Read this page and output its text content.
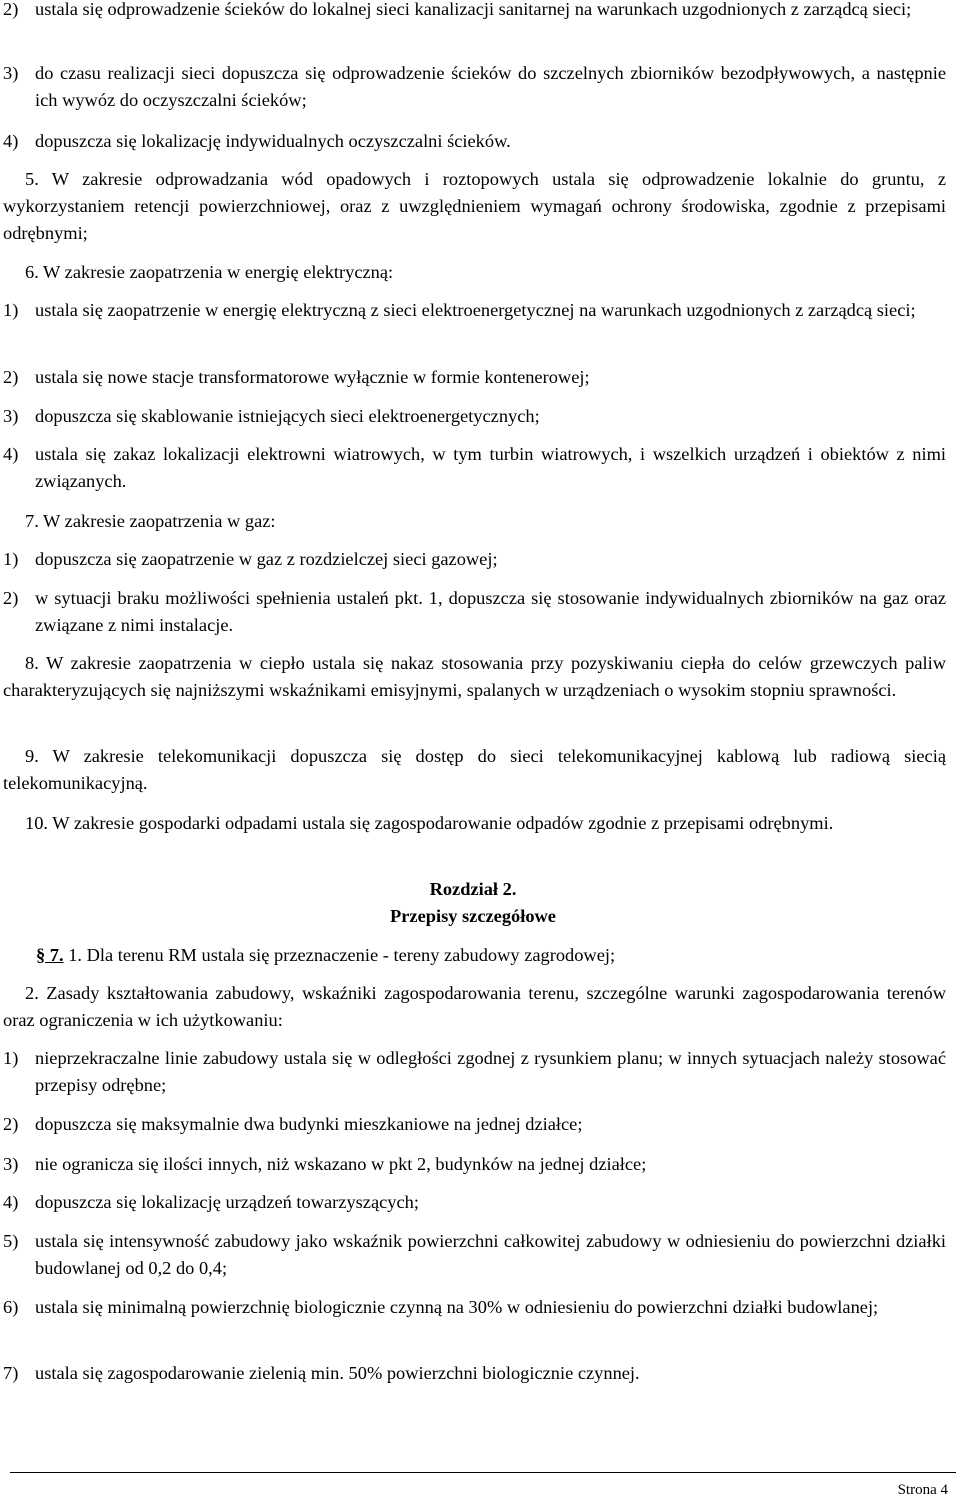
2) ustala się odprowadzenie ścieków do lokalnej sieci kanalizacji sanitarnej na warunkach uzgodnionych z zarządcą sieci;
3) do czasu realizacji sieci dopuszcza się odprowadzenie ścieków do szczelnych zbiorników bezodpływowych, a następnie ich wywóz do oczyszczalni ścieków;
4) dopuszcza się lokalizację indywidualnych oczyszczalni ścieków.

5. W zakresie odprowadzania wód opadowych i roztopowych ustala się odprowadzenie lokalnie do gruntu, z wykorzystaniem retencji powierzchniowej, oraz z uwzględnieniem wymagań ochrony środowiska, zgodnie z przepisami odrębnymi;

6. W zakresie zaopatrzenia w energię elektryczną:

1) ustala się zaopatrzenie w energię elektryczną z sieci elektroenergetycznej na warunkach uzgodnionych z zarządcą sieci;
2) ustala się nowe stacje transformatorowe wyłącznie w formie kontenerowej;
3) dopuszcza się skablowanie istniejących sieci elektroenergetycznych;
4) ustala się zakaz lokalizacji elektrowni wiatrowych, w tym turbin wiatrowych, i wszelkich urządzeń i obiektów z nimi związanych.

7. W zakresie zaopatrzenia w gaz:

1) dopuszcza się zaopatrzenie w gaz z rozdzielczej sieci gazowej;
2) w sytuacji braku możliwości spełnienia ustaleń pkt. 1, dopuszcza się stosowanie indywidualnych zbiorników na gaz oraz związane z nimi instalacje.

8. W zakresie zaopatrzenia w ciepło ustala się nakaz stosowania przy pozyskiwaniu ciepła do celów grzewczych paliw charakteryzujących się najniższymi wskaźnikami emisyjnymi, spalanych w urządzeniach o wysokim stopniu sprawności.

9. W zakresie telekomunikacji dopuszcza się dostęp do sieci telekomunikacyjnej kablową lub radiową siecią telekomunikacyjną.

10. W zakresie gospodarki odpadami ustala się zagospodarowanie odpadów zgodnie z przepisami odrębnymi.

Rozdział 2.

Przepisy szczegółowe

§ 7. 1. Dla terenu RM ustala się przeznaczenie - tereny zabudowy zagrodowej;

2. Zasady kształtowania zabudowy, wskaźniki zagospodarowania terenu, szczególne warunki zagospodarowania terenów oraz ograniczenia w ich użytkowaniu:

1) nieprzekraczalne linie zabudowy ustala się w odległości zgodnej z rysunkiem planu; w innych sytuacjach należy stosować przepisy odrębne;
2) dopuszcza się maksymalnie dwa budynki mieszkaniowe na jednej działce;
3) nie ogranicza się ilości innych, niż wskazano w pkt 2, budynków na jednej działce;
4) dopuszcza się lokalizację urządzeń towarzyszących;
5) ustala się intensywność zabudowy jako wskaźnik powierzchni całkowitej zabudowy w odniesieniu do powierzchni działki budowlanej od 0,2 do 0,4;
6) ustala się minimalną powierzchnię biologicznie czynną na 30% w odniesieniu do powierzchni działki budowlanej;
7) ustala się zagospodarowanie zielenią min. 50% powierzchni biologicznie czynnej.
Strona 4
